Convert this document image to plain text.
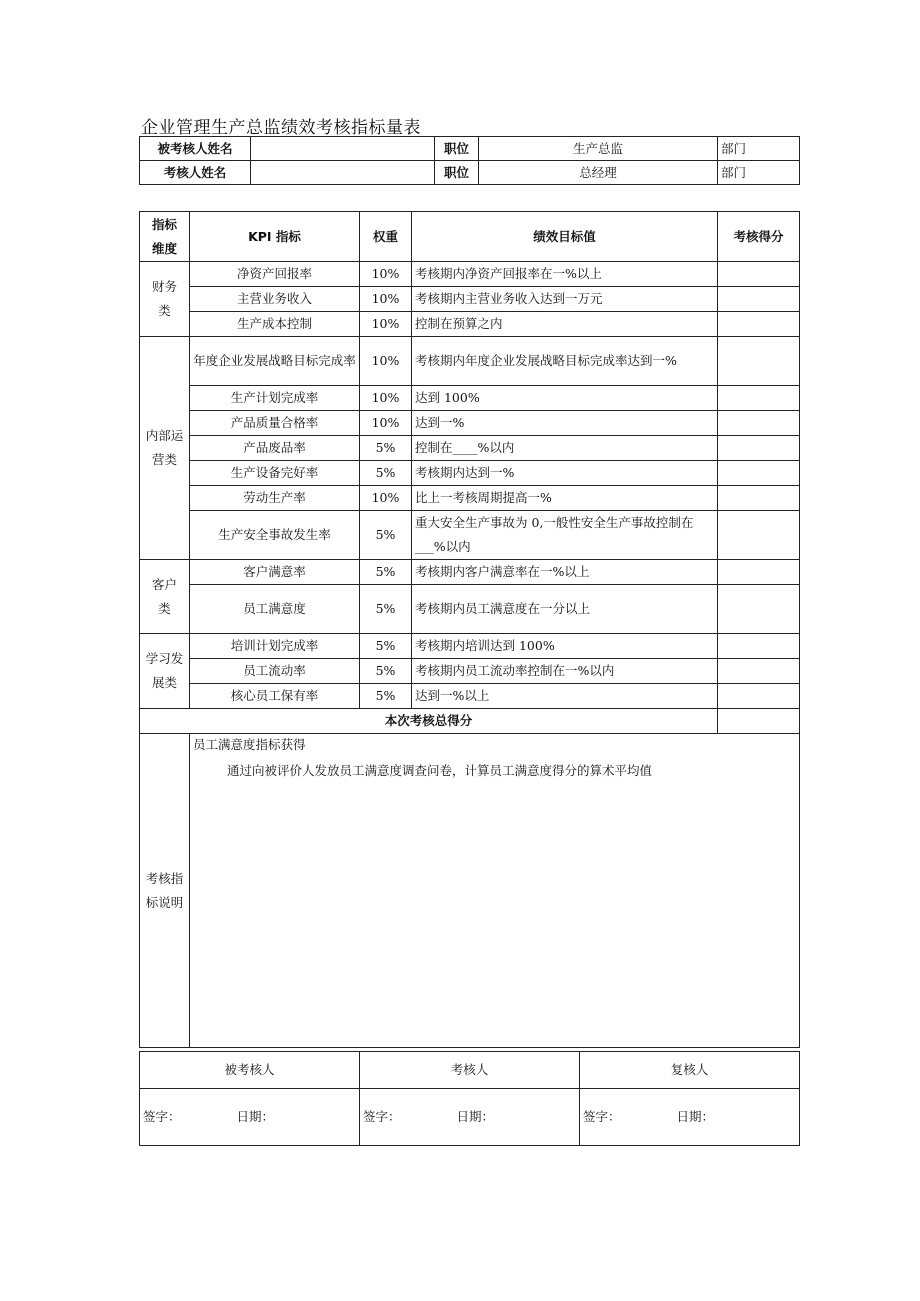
企业管理生产总监绩效考核指标量表
被考核人姓名		职位	生产总监	部门
考核人姓名		职位	总经理	部门
指标维度	KPI 指标	权重	绩效目标值	考核得分
财务类	净资产回报率	10%	考核期内净资产回报率在一%以上	
	主营业务收入	10%	考核期内主营业务收入达到一万元	
	生产成本控制	10%	控制在预算之内	
内部运营类	年度企业发展战略目标完成率	10%	考核期内年度企业发展战略目标完成率达到一%	
	生产计划完成率	10%	达到 100%	
	产品质量合格率	10%	达到一%	
	产品废品率	5%	控制在____%以内	
	生产设备完好率	5%	考核期内达到一%	
	劳动生产率	10%	比上一考核周期提高一%	
	生产安全事故发生率	5%	重大安全生产事故为 0,一般性安全生产事故控制在 ___%以内	
客户类	客户满意率	5%	考核期内客户满意率在一%以上	
	员工满意度	5%	考核期内员工满意度在一分以上	
学习发展类	培训计划完成率	5%	考核期内培训达到 100%	
	员工流动率	5%	考核期内员工流动率控制在一%以内	
	核心员工保有率	5%	达到一%以上	
本次考核总得分				
考核指标说明	员工满意度指标获得
通过向被评价人发放员工满意度调查问卷，计算员工满意度得分的算术平均值			
被考核人	考核人	复核人

签字： 日期：	签字： 日期：	签字： 日期：
